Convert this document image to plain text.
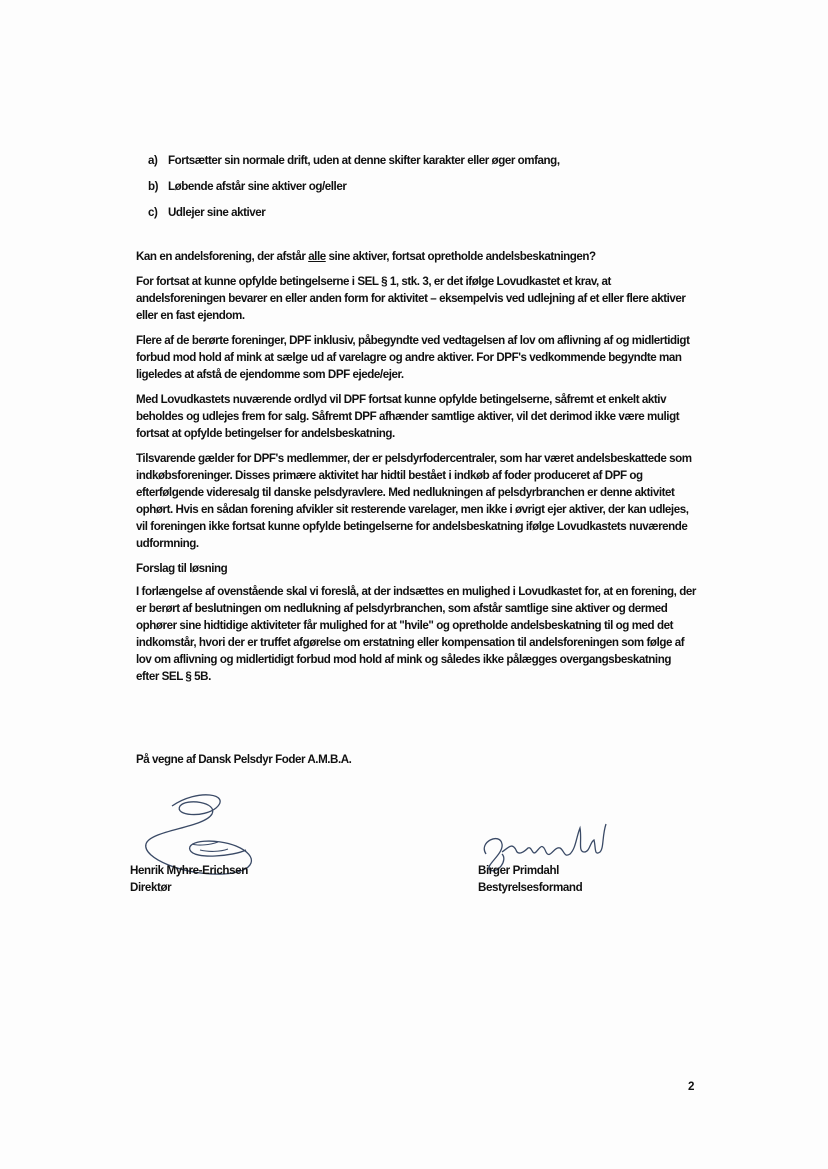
a) Fortsætter sin normale drift, uden at denne skifter karakter eller øger omfang,
b) Løbende afstår sine aktiver og/eller
c) Udlejer sine aktiver
Kan en andelsforening, der afstår alle sine aktiver, fortsat opretholde andelsbeskatningen?

For fortsat at kunne opfylde betingelserne i SEL § 1, stk. 3, er det ifølge Lovudkastet et krav, at andelsforeningen bevarer en eller anden form for aktivitet – eksempelvis ved udlejning af et eller flere aktiver eller en fast ejendom.

Flere af de berørte foreninger, DPF inklusiv, påbegyndte ved vedtagelsen af lov om aflivning af og midlertidigt forbud mod hold af mink at sælge ud af varelagre og andre aktiver. For DPF's vedkommende begyndte man ligeledes at afstå de ejendomme som DPF ejede/ejer.

Med Lovudkastets nuværende ordlyd vil DPF fortsat kunne opfylde betingelserne, såfremt et enkelt aktiv beholdes og udlejes frem for salg. Såfremt DPF afhænder samtlige aktiver, vil det derimod ikke være muligt fortsat at opfylde betingelser for andelsbeskatning.

Tilsvarende gælder for DPF's medlemmer, der er pelsdyrfodercentraler, som har været andelsbeskattede som indkøbsforeninger. Disses primære aktivitet har hidtil bestået i indkøb af foder produceret af DPF og efterfølgende videresalg til danske pelsdyravlere. Med nedlukningen af pelsdyrbranchen er denne aktivitet ophørt. Hvis en sådan forening afvikler sit resterende varelager, men ikke i øvrigt ejer aktiver, der kan udlejes, vil foreningen ikke fortsat kunne opfylde betingelserne for andelsbeskatning ifølge Lovudkastets nuværende udformning.

Forslag til løsning

I forlængelse af ovenstående skal vi foreslå, at der indsættes en mulighed i Lovudkastet for, at en forening, der er berørt af beslutningen om nedlukning af pelsdyrbranchen, som afstår samtlige sine aktiver og dermed ophører sine hidtidige aktiviteter får mulighed for at "hvile" og opretholde andelsbeskatning til og med det indkomstår, hvori der er truffet afgørelse om erstatning eller kompensation til andelsforeningen som følge af lov om aflivning og midlertidigt forbud mod hold af mink og således ikke pålægges overgangsbeskatning efter SEL § 5B.

På vegne af Dansk Pelsdyr Foder A.M.B.A.
Henrik Myhre-Erichsen
Direktør
Birger Primdahl
Bestyrelsesformand
2
